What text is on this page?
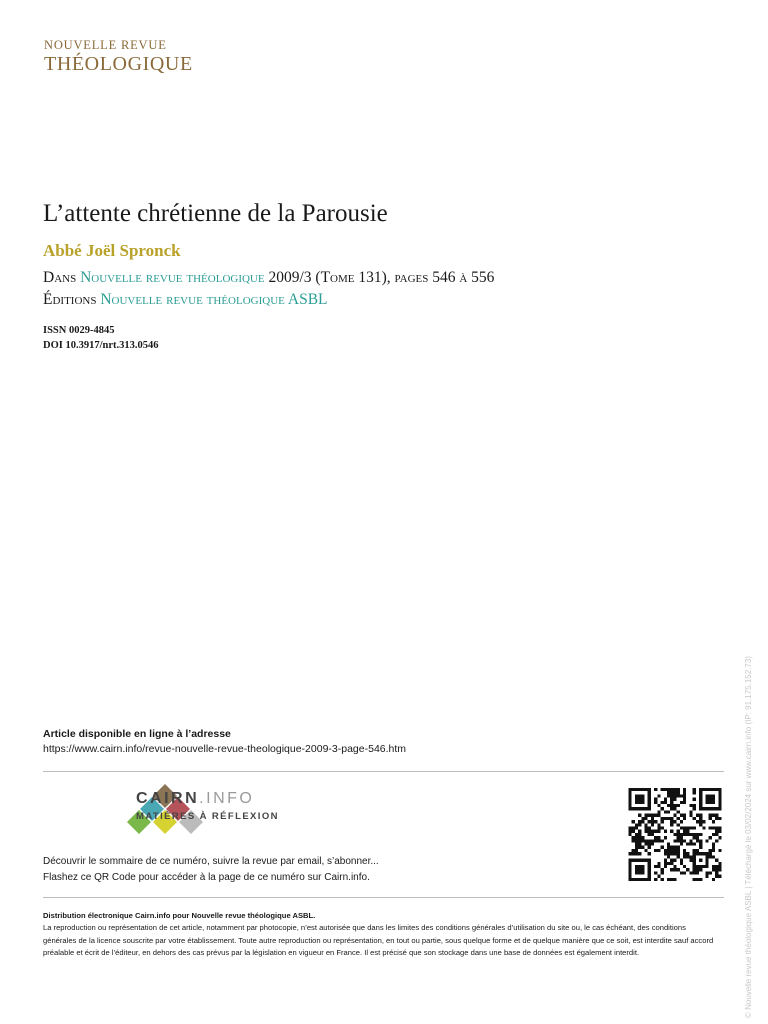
NOUVELLE REVUE
THÉOLOGIQUE
L’attente chrétienne de la Parousie
Abbé Joël Spronck
Dans Nouvelle revue théologique 2009/3 (Tome 131), pages 546 à 556
Éditions Nouvelle revue théologique ASBL
ISSN 0029-4845
DOI 10.3917/nrt.313.0546
Article disponible en ligne à l’adresse
https://www.cairn.info/revue-nouvelle-revue-theologique-2009-3-page-546.htm
CAIRN.INFO
MATIÈRES À RÉFLEXION
Découvrir le sommaire de ce numéro, suivre la revue par email, s’abonner...
Flashez ce QR Code pour accéder à la page de ce numéro sur Cairn.info.
Distribution électronique Cairn.info pour Nouvelle revue théologique ASBL.
La reproduction ou représentation de cet article, notamment par photocopie, n’est autorisée que dans les limites des conditions générales d’utilisation du site ou, le cas échéant, des conditions générales de la licence souscrite par votre établissement. Toute autre reproduction ou représentation, en tout ou partie, sous quelque forme et de quelque manière que ce soit, est interdite sauf accord préalable et écrit de l’éditeur, en dehors des cas prévus par la législation en vigueur en France. Il est précisé que son stockage dans une base de données est également interdit.	© Nouvelle revue théologique ASBL | Téléchargé le 03/02/2024 sur www.cairn.info (IP: 91.175.152.73)
